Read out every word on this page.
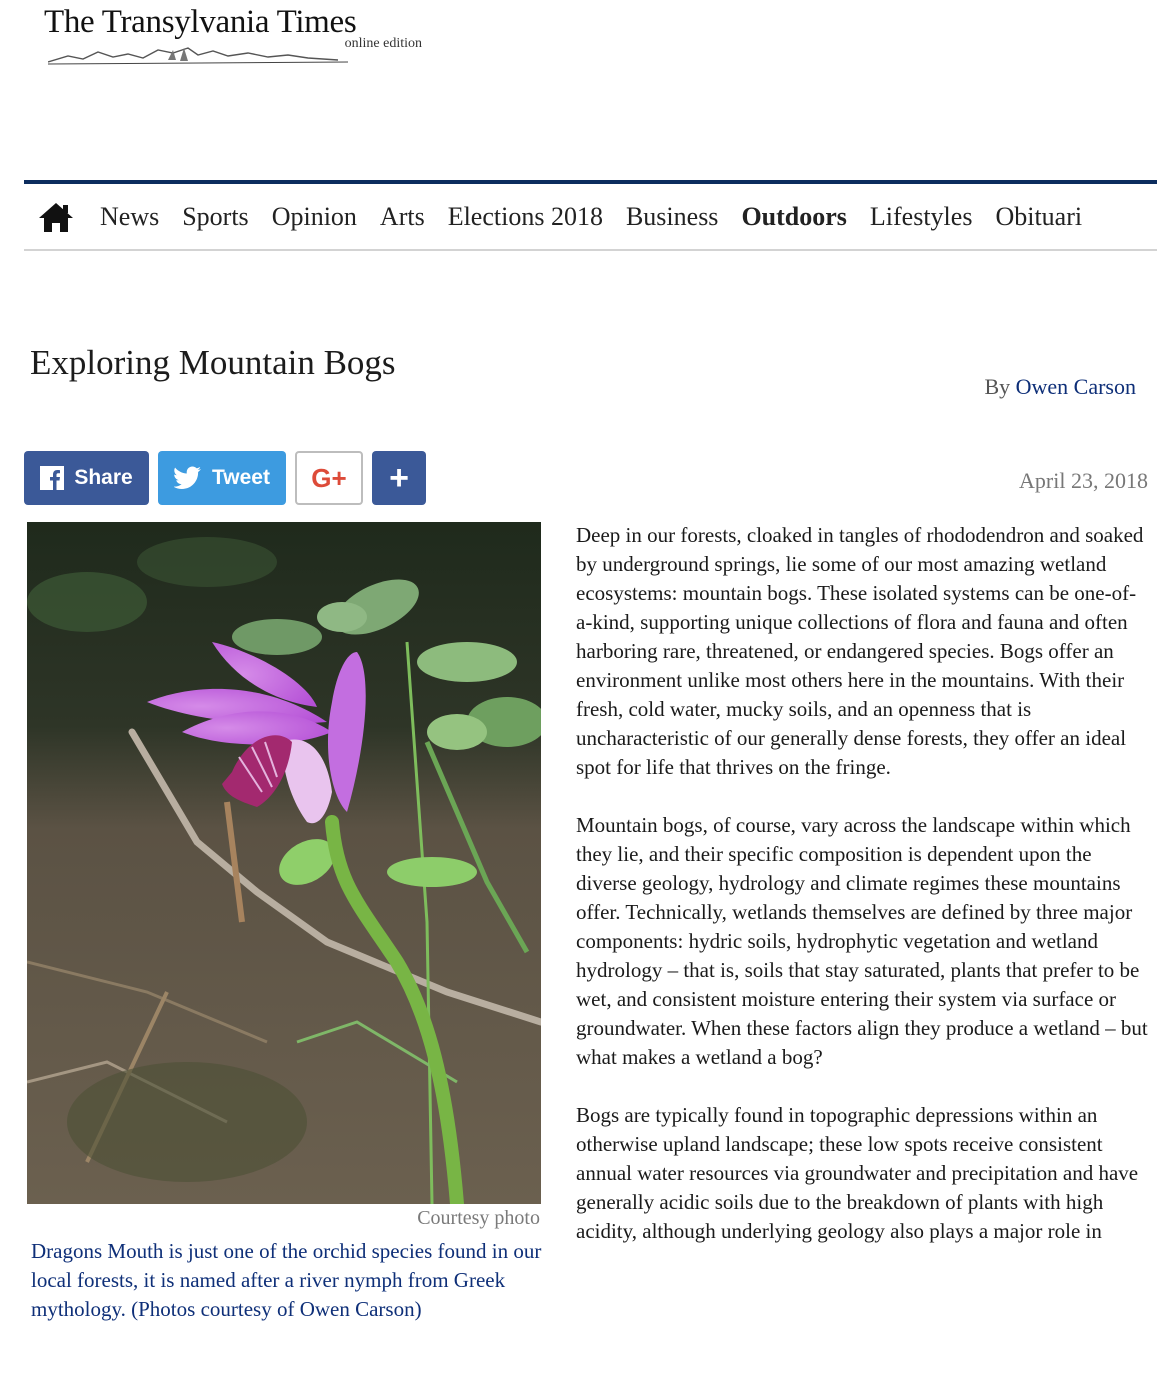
The Transylvania Times
online edition
News Sports Opinion Arts Elections 2018 Business Outdoors Lifestyles Obituari
Exploring Mountain Bogs
By Owen Carson
Share	Tweet G+ +	April 23, 2018
Courtesy photo
Dragons Mouth is just one of the orchid species found in our local forests, it is named after a river nymph from Greek mythology. (Photos courtesy of Owen Carson)

Deep in our forests, cloaked in tangles of rhododendron and soaked by underground springs, lie some of our most amazing wetland ecosystems: mountain bogs. These isolated systems can be one-of-a-kind, supporting unique collections of flora and fauna and often harboring rare, threatened, or endangered species. Bogs offer an environment unlike most others here in the mountains. With their fresh, cold water, mucky soils, and an openness that is uncharacteristic of our generally dense forests, they offer an ideal spot for life that thrives on the fringe.

Mountain bogs, of course, vary across the landscape within which they lie, and their specific composition is dependent upon the diverse geology, hydrology and climate regimes these mountains offer. Technically, wetlands themselves are defined by three major components: hydric soils, hydrophytic vegetation and wetland hydrology – that is, soils that stay saturated, plants that prefer to be wet, and consistent moisture entering their system via surface or groundwater. When these factors align they produce a wetland – but what makes a wetland a bog?

Bogs are typically found in topographic depressions within an otherwise upland landscape; these low spots receive consistent annual water resources via groundwater and precipitation and have generally acidic soils due to the breakdown of plants with high acidity, although underlying geology also plays a major role in
